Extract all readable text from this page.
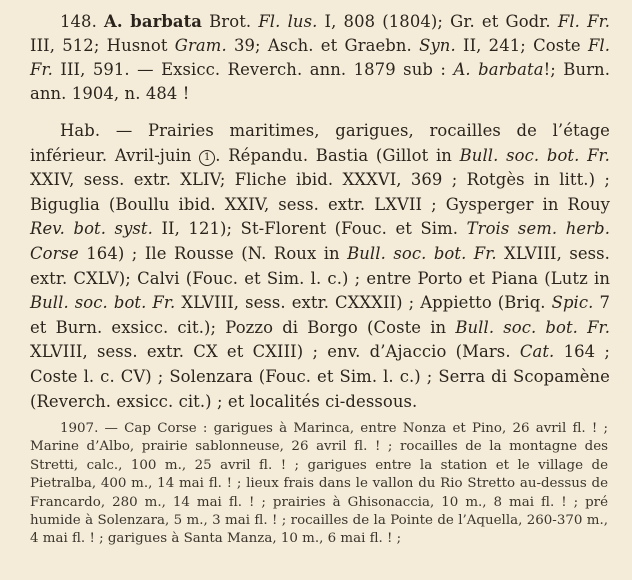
148. A. barbata Brot. Fl. lus. I, 808 (1804); Gr. et Godr. Fl. Fr. III, 512; Husnot Gram. 39; Asch. et Graebn. Syn. II, 241; Coste Fl. Fr. III, 591. — Exsicc. Reverch. ann. 1879 sub : A. barbata!; Burn. ann. 1904, n. 484 !

Hab. — Prairies maritimes, garigues, rocailles de l’étage inférieur. Avril-juin 1 . Répandu. Bastia (Gillot in Bull. soc. bot. Fr. XXIV, sess. extr. XLIV; Fliche ibid. XXXVI, 369 ; Rotgès in litt.) ; Biguglia (Boullu ibid. XXIV, sess. extr. LXVII ; Gysperger in Rouy Rev. bot. syst. II, 121); St-Florent (Fouc. et Sim. Trois sem. herb. Corse 164) ; Ile Rousse (N. Roux in Bull. soc. bot. Fr. XLVIII, sess. extr. CXLV); Calvi (Fouc. et Sim. l. c.) ; entre Porto et Piana (Lutz in Bull. soc. bot. Fr. XLVIII, sess. extr. CXXXII) ; Appietto (Briq. Spic. 7 et Burn. exsicc. cit.); Pozzo di Borgo (Coste in Bull. soc. bot. Fr. XLVIII, sess. extr. CX et CXIII) ; env. d’Ajaccio (Mars. Cat. 164 ; Coste l. c. CV) ; Solenzara (Fouc. et Sim. l. c.) ; Serra di Scopamène (Reverch. exsicc. cit.) ; et localités ci-dessous.

1907. — Cap Corse : garigues à Marinca, entre Nonza et Pino, 26 avril fl. ! ; Marine d’Albo, prairie sablonneuse, 26 avril fl. ! ; rocailles de la montagne des Stretti, calc., 100 m., 25 avril fl. ! ; garigues entre la station et le village de Pietralba, 400 m., 14 mai fl. ! ; lieux frais dans le vallon du Rio Stretto au-dessus de Francardo, 280 m., 14 mai fl. ! ; prairies à Ghisonaccia, 10 m., 8 mai fl. ! ; pré humide à Solenzara, 5 m., 3 mai fl. ! ; rocailles de la Pointe de l’Aquella, 260-370 m., 4 mai fl. ! ; garigues à Santa Manza, 10 m., 6 mai fl. ! ;
